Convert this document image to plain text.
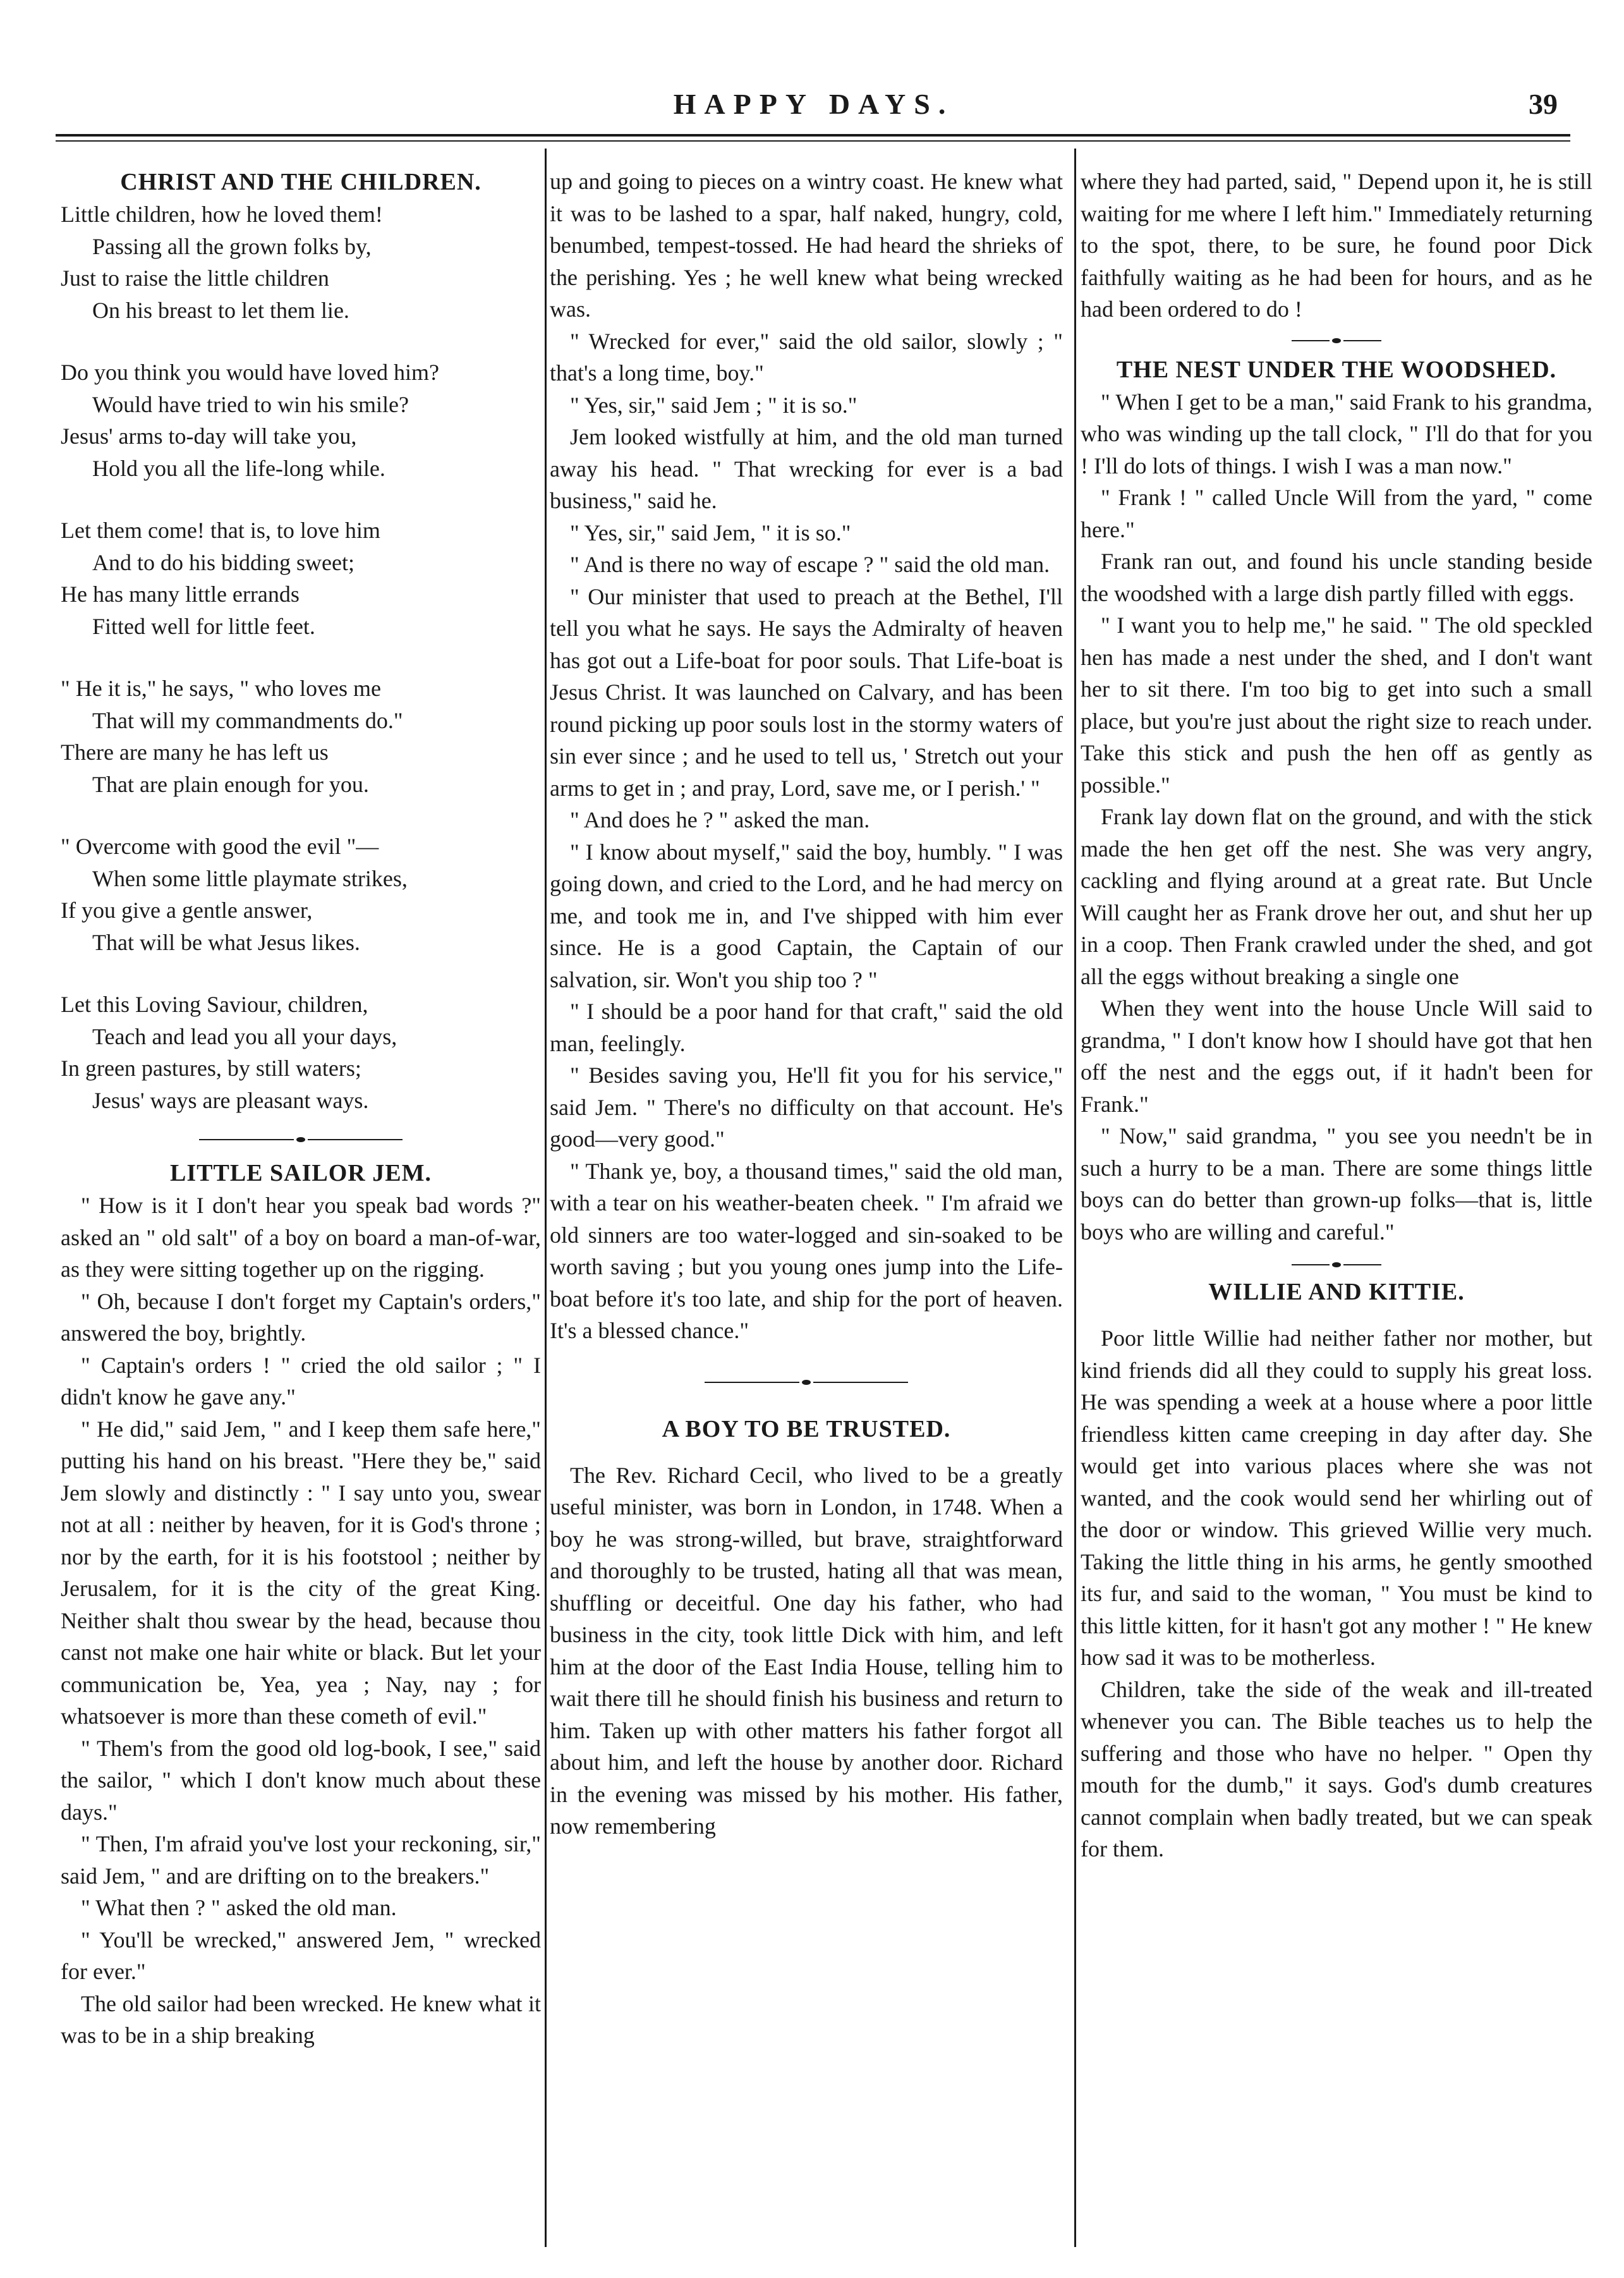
HAPPY DAYS.	39
CHRIST AND THE CHILDREN.
Little children, how he loved them!
Passing all the grown folks by,
Just to raise the little children
On his breast to let them lie.
Do you think you would have loved him?
Would have tried to win his smile?
Jesus' arms to-day will take you,
Hold you all the life-long while.
Let them come! that is, to love him
And to do his bidding sweet;
He has many little errands
Fitted well for little feet.
" He it is," he says, " who loves me
That will my commandments do."
There are many he has left us
That are plain enough for you.
" Overcome with good the evil "—
When some little playmate strikes,
If you give a gentle answer,
That will be what Jesus likes.
Let this Loving Saviour, children,
Teach and lead you all your days,
In green pastures, by still waters;
Jesus' ways are pleasant ways.
LITTLE SAILOR JEM.

" How is it I don't hear you speak bad words ?" asked an " old salt" of a boy on board a man-of-war, as they were sitting together up on the rigging.

" Oh, because I don't forget my Captain's orders," answered the boy, brightly.

" Captain's orders ! " cried the old sailor ; " I didn't know he gave any."

" He did," said Jem, " and I keep them safe here," putting his hand on his breast. "Here they be," said Jem slowly and distinctly : " I say unto you, swear not at all : neither by heaven, for it is God's throne ; nor by the earth, for it is his footstool ; neither by Jerusalem, for it is the city of the great King. Neither shalt thou swear by the head, because thou canst not make one hair white or black. But let your communication be, Yea, yea ; Nay, nay ; for whatsoever is more than these cometh of evil."

" Them's from the good old log-book, I see," said the sailor, " which I don't know much about these days."

" Then, I'm afraid you've lost your reckoning, sir," said Jem, " and are drifting on to the breakers."

" What then ? " asked the old man.

" You'll be wrecked," answered Jem, " wrecked for ever."

The old sailor had been wrecked. He knew what it was to be in a ship breaking

up and going to pieces on a wintry coast. He knew what it was to be lashed to a spar, half naked, hungry, cold, benumbed, tempest-tossed. He had heard the shrieks of the perishing. Yes ; he well knew what being wrecked was.

" Wrecked for ever," said the old sailor, slowly ; " that's a long time, boy."

" Yes, sir," said Jem ; " it is so."

Jem looked wistfully at him, and the old man turned away his head. " That wrecking for ever is a bad business," said he.

" Yes, sir," said Jem, " it is so."

" And is there no way of escape ? " said the old man.

" Our minister that used to preach at the Bethel, I'll tell you what he says. He says the Admiralty of heaven has got out a Life-boat for poor souls. That Life-boat is Jesus Christ. It was launched on Calvary, and has been round picking up poor souls lost in the stormy waters of sin ever since ; and he used to tell us, ' Stretch out your arms to get in ; and pray, Lord, save me, or I perish.' "

" And does he ? " asked the man.

" I know about myself," said the boy, humbly. " I was going down, and cried to the Lord, and he had mercy on me, and took me in, and I've shipped with him ever since. He is a good Captain, the Captain of our salvation, sir. Won't you ship too ? "

" I should be a poor hand for that craft," said the old man, feelingly.

" Besides saving you, He'll fit you for his service," said Jem. " There's no difficulty on that account. He's good—very good."

" Thank ye, boy, a thousand times," said the old man, with a tear on his weather-beaten cheek. " I'm afraid we old sinners are too water-logged and sin-soaked to be worth saving ; but you young ones jump into the Life-boat before it's too late, and ship for the port of heaven. It's a blessed chance."

A BOY TO BE TRUSTED.

The Rev. Richard Cecil, who lived to be a greatly useful minister, was born in London, in 1748. When a boy he was strong-willed, but brave, straightforward and thoroughly to be trusted, hating all that was mean, shuffling or deceitful. One day his father, who had business in the city, took little Dick with him, and left him at the door of the East India House, telling him to wait there till he should finish his business and return to him. Taken up with other matters his father forgot all about him, and left the house by another door. Richard in the evening was missed by his mother. His father, now remembering

where they had parted, said, " Depend upon it, he is still waiting for me where I left him." Immediately returning to the spot, there, to be sure, he found poor Dick faithfully waiting as he had been for hours, and as he had been ordered to do !

THE NEST UNDER THE WOODSHED.

" When I get to be a man," said Frank to his grandma, who was winding up the tall clock, " I'll do that for you ! I'll do lots of things. I wish I was a man now."

" Frank ! " called Uncle Will from the yard, " come here."

Frank ran out, and found his uncle standing beside the woodshed with a large dish partly filled with eggs.

" I want you to help me," he said. " The old speckled hen has made a nest under the shed, and I don't want her to sit there. I'm too big to get into such a small place, but you're just about the right size to reach under. Take this stick and push the hen off as gently as possible."

Frank lay down flat on the ground, and with the stick made the hen get off the nest. She was very angry, cackling and flying around at a great rate. But Uncle Will caught her as Frank drove her out, and shut her up in a coop. Then Frank crawled under the shed, and got all the eggs without breaking a single one

When they went into the house Uncle Will said to grandma, " I don't know how I should have got that hen off the nest and the eggs out, if it hadn't been for Frank."

" Now," said grandma, " you see you needn't be in such a hurry to be a man. There are some things little boys can do better than grown-up folks—that is, little boys who are willing and careful."

WILLIE AND KITTIE.

Poor little Willie had neither father nor mother, but kind friends did all they could to supply his great loss. He was spending a week at a house where a poor little friendless kitten came creeping in day after day. She would get into various places where she was not wanted, and the cook would send her whirling out of the door or window. This grieved Willie very much. Taking the little thing in his arms, he gently smoothed its fur, and said to the woman, " You must be kind to this little kitten, for it hasn't got any mother ! " He knew how sad it was to be motherless.

Children, take the side of the weak and ill-treated whenever you can. The Bible teaches us to help the suffering and those who have no helper. " Open thy mouth for the dumb," it says. God's dumb creatures cannot complain when badly treated, but we can speak for them.
